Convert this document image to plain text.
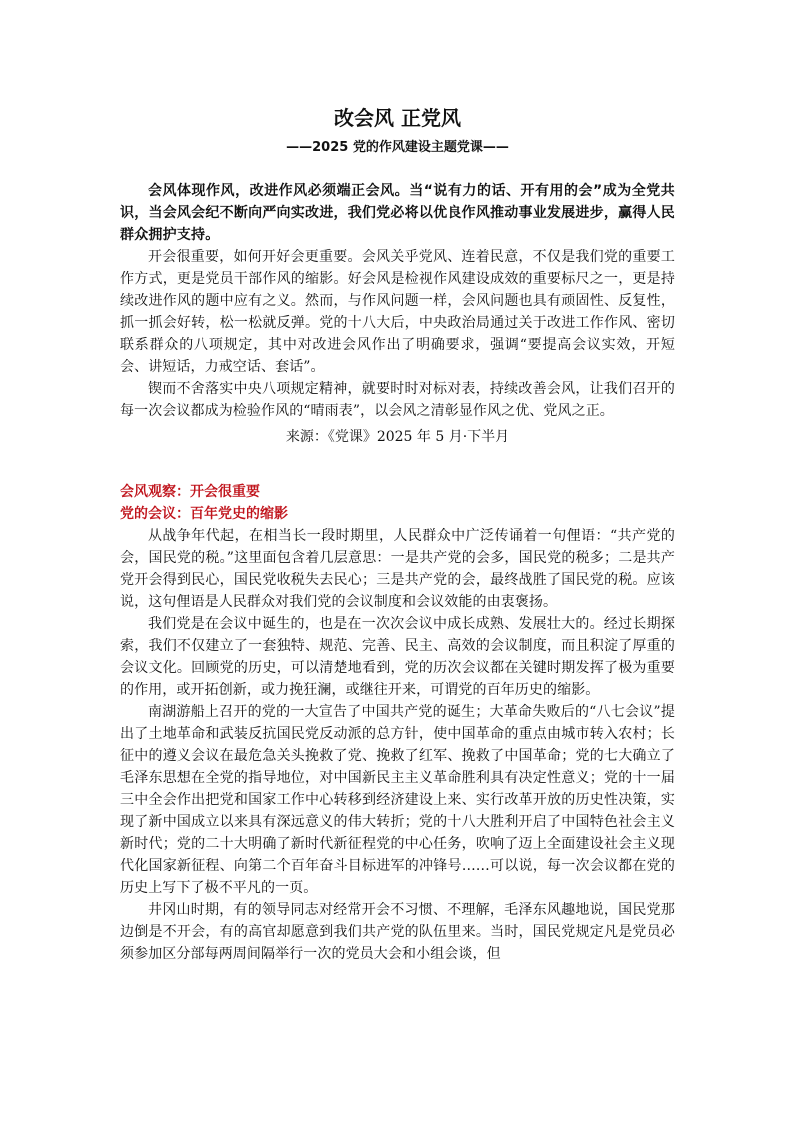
改会风 正党风
——2025 党的作风建设主题党课——

会风体现作风，改进作风必须端正会风。当“说有力的话、开有用的会”成为全党共识，当会风会纪不断向严向实改进，我们党必将以优良作风推动事业发展进步，赢得人民群众拥护支持。

开会很重要，如何开好会更重要。会风关乎党风、连着民意，不仅是我们党的重要工作方式，更是党员干部作风的缩影。好会风是检视作风建设成效的重要标尺之一，更是持续改进作风的题中应有之义。然而，与作风问题一样，会风问题也具有顽固性、反复性，抓一抓会好转，松一松就反弹。党的十八大后，中央政治局通过关于改进工作作风、密切联系群众的八项规定，其中对改进会风作出了明确要求，强调“要提高会议实效，开短会、讲短话，力戒空话、套话”。

锲而不舍落实中央八项规定精神，就要时时对标对表，持续改善会风，让我们召开的每一次会议都成为检验作风的“晴雨表”，以会风之清彰显作风之优、党风之正。

来源：《党课》2025 年 5 月·下半月

会风观察：开会很重要
党的会议：百年党史的缩影

从战争年代起，在相当长一段时期里，人民群众中广泛传诵着一句俚语：“共产党的会，国民党的税。”这里面包含着几层意思：一是共产党的会多，国民党的税多；二是共产党开会得到民心，国民党收税失去民心；三是共产党的会，最终战胜了国民党的税。应该说，这句俚语是人民群众对我们党的会议制度和会议效能的由衷褒扬。

我们党是在会议中诞生的，也是在一次次会议中成长成熟、发展壮大的。经过长期探索，我们不仅建立了一套独特、规范、完善、民主、高效的会议制度，而且积淀了厚重的会议文化。回顾党的历史，可以清楚地看到，党的历次会议都在关键时期发挥了极为重要的作用，或开拓创新，或力挽狂澜，或继往开来，可谓党的百年历史的缩影。

南湖游船上召开的党的一大宣告了中国共产党的诞生；大革命失败后的“八七会议”提出了土地革命和武装反抗国民党反动派的总方针，使中国革命的重点由城市转入农村；长征中的遵义会议在最危急关头挽救了党、挽救了红军、挽救了中国革命；党的七大确立了毛泽东思想在全党的指导地位，对中国新民主主义革命胜利具有决定性意义；党的十一届三中全会作出把党和国家工作中心转移到经济建设上来、实行改革开放的历史性决策，实现了新中国成立以来具有深远意义的伟大转折；党的十八大胜利开启了中国特色社会主义新时代；党的二十大明确了新时代新征程党的中心任务，吹响了迈上全面建设社会主义现代化国家新征程、向第二个百年奋斗目标进军的冲锋号……可以说，每一次会议都在党的历史上写下了极不平凡的一页。

井冈山时期，有的领导同志对经常开会不习惯、不理解，毛泽东风趣地说，国民党那边倒是不开会，有的高官却愿意到我们共产党的队伍里来。当时，国民党规定凡是党员必须参加区分部每两周间隔举行一次的党员大会和小组会谈，但
